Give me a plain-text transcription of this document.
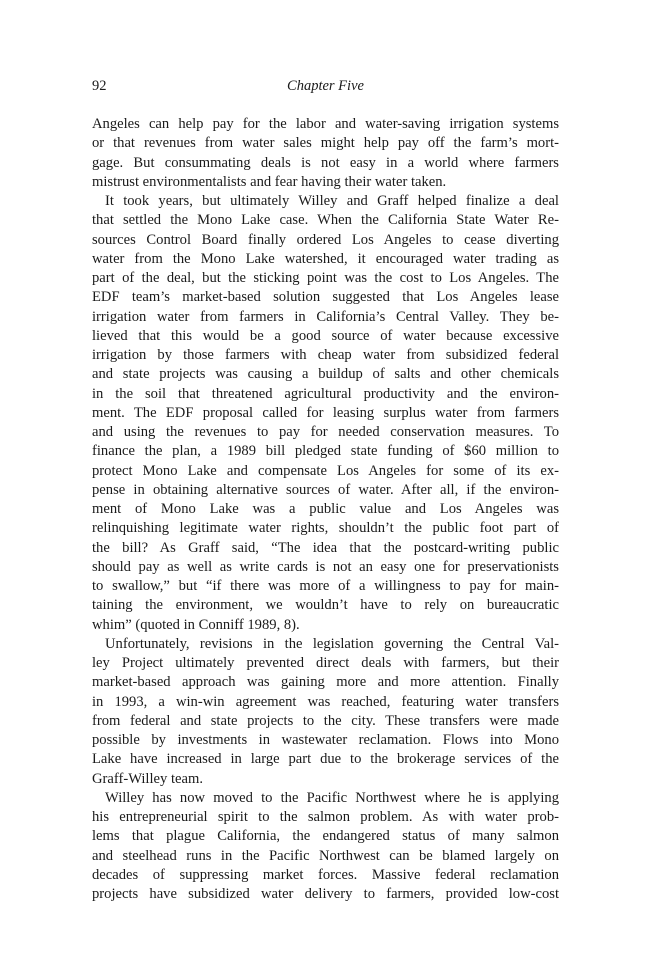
92	Chapter Five
Angeles can help pay for the labor and water-saving irrigation systems
or that revenues from water sales might help pay off the farm’s mort-
gage. But consummating deals is not easy in a world where farmers
mistrust environmentalists and fear having their water taken.
It took years, but ultimately Willey and Graff helped finalize a deal
that settled the Mono Lake case. When the California State Water Re-
sources Control Board finally ordered Los Angeles to cease diverting
water from the Mono Lake watershed, it encouraged water trading as
part of the deal, but the sticking point was the cost to Los Angeles. The
EDF team’s market-based solution suggested that Los Angeles lease
irrigation water from farmers in California’s Central Valley. They be-
lieved that this would be a good source of water because excessive
irrigation by those farmers with cheap water from subsidized federal
and state projects was causing a buildup of salts and other chemicals
in the soil that threatened agricultural productivity and the environ-
ment. The EDF proposal called for leasing surplus water from farmers
and using the revenues to pay for needed conservation measures. To
finance the plan, a 1989 bill pledged state funding of $60 million to
protect Mono Lake and compensate Los Angeles for some of its ex-
pense in obtaining alternative sources of water. After all, if the environ-
ment of Mono Lake was a public value and Los Angeles was
relinquishing legitimate water rights, shouldn’t the public foot part of
the bill? As Graff said, “The idea that the postcard-writing public
should pay as well as write cards is not an easy one for preservationists
to swallow,” but “if there was more of a willingness to pay for main-
taining the environment, we wouldn’t have to rely on bureaucratic
whim” (quoted in Conniff 1989, 8).
Unfortunately, revisions in the legislation governing the Central Val-
ley Project ultimately prevented direct deals with farmers, but their
market-based approach was gaining more and more attention. Finally
in 1993, a win-win agreement was reached, featuring water transfers
from federal and state projects to the city. These transfers were made
possible by investments in wastewater reclamation. Flows into Mono
Lake have increased in large part due to the brokerage services of the
Graff-Willey team.
Willey has now moved to the Pacific Northwest where he is applying
his entrepreneurial spirit to the salmon problem. As with water prob-
lems that plague California, the endangered status of many salmon
and steelhead runs in the Pacific Northwest can be blamed largely on
decades of suppressing market forces. Massive federal reclamation
projects have subsidized water delivery to farmers, provided low-cost
